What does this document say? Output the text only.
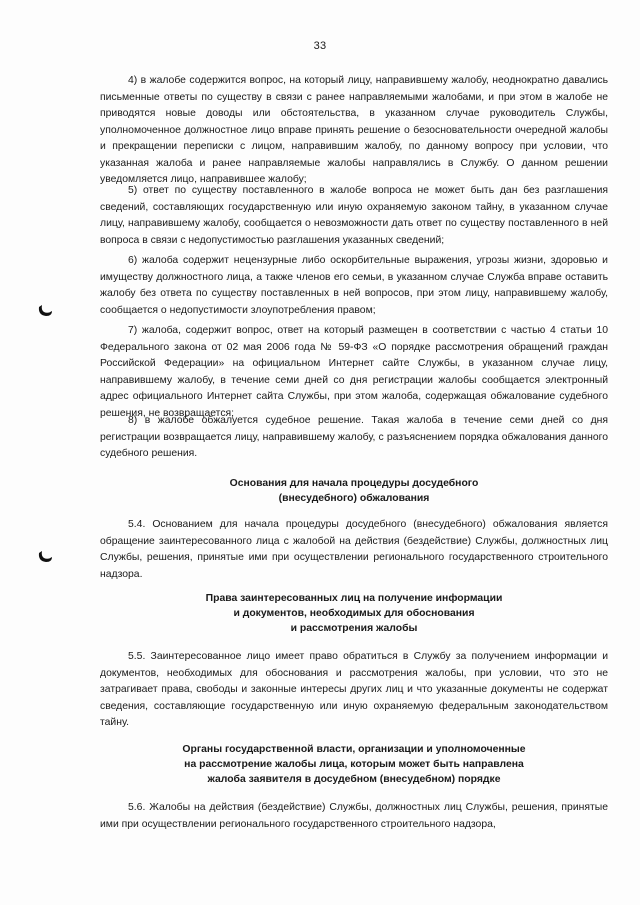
33

4) в жалобе содержится вопрос, на который лицу, направившему жалобу, неоднократно давались письменные ответы по существу в связи с ранее направляемыми жалобами, и при этом в жалобе не приводятся новые доводы или обстоятельства, в указанном случае руководитель Службы, уполномоченное должностное лицо вправе принять решение о безосновательности очередной жалобы и прекращении переписки с лицом, направившим жалобу, по данному вопросу при условии, что указанная жалоба и ранее направляемые жалобы направлялись в Службу. О данном решении уведомляется лицо, направившее жалобу;

5) ответ по существу поставленного в жалобе вопроса не может быть дан без разглашения сведений, составляющих государственную или иную охраняемую законом тайну, в указанном случае лицу, направившему жалобу, сообщается о невозможности дать ответ по существу поставленного в ней вопроса в связи с недопустимостью разглашения указанных сведений;

6) жалоба содержит нецензурные либо оскорбительные выражения, угрозы жизни, здоровью и имуществу должностного лица, а также членов его семьи, в указанном случае Служба вправе оставить жалобу без ответа по существу поставленных в ней вопросов, при этом лицу, направившему жалобу, сообщается о недопустимости злоупотребления правом;

7) жалоба, содержит вопрос, ответ на который размещен в соответствии с частью 4 статьи 10 Федерального закона от 02 мая 2006 года № 59-ФЗ «О порядке рассмотрения обращений граждан Российской Федерации» на официальном Интернет сайте Службы, в указанном случае лицу, направившему жалобу, в течение семи дней со дня регистрации жалобы сообщается электронный адрес официального Интернет сайта Службы, при этом жалоба, содержащая обжалование судебного решения, не возвращается;

8) в жалобе обжалуется судебное решение. Такая жалоба в течение семи дней со дня регистрации возвращается лицу, направившему жалобу, с разъяснением порядка обжалования данного судебного решения.

Основания для начала процедуры досудебного
(внесудебного) обжалования

5.4. Основанием для начала процедуры досудебного (внесудебного) обжалования является обращение заинтересованного лица с жалобой на действия (бездействие) Службы, должностных лиц Службы, решения, принятые ими при осуществлении регионального государственного строительного надзора.

Права заинтересованных лиц на получение информации
и документов, необходимых для обоснования
и рассмотрения жалобы

5.5. Заинтересованное лицо имеет право обратиться в Службу за получением информации и документов, необходимых для обоснования и рассмотрения жалобы, при условии, что это не затрагивает права, свободы и законные интересы других лиц и что указанные документы не содержат сведения, составляющие государственную или иную охраняемую федеральным законодательством тайну.

Органы государственной власти, организации и уполномоченные
на рассмотрение жалобы лица, которым может быть направлена
жалоба заявителя в досудебном (внесудебном) порядке

5.6. Жалобы на действия (бездействие) Службы, должностных лиц Службы, решения, принятые ими при осуществлении регионального государственного строительного надзора,
